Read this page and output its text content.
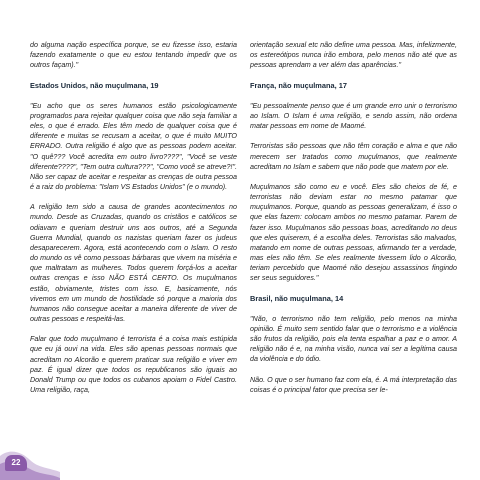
do alguma nação específica porque, se eu fizesse isso, estaria fazendo exatamente o que eu estou tentando impedir que os outros façam)."

Estados Unidos, não muçulmana, 19

"Eu acho que os seres humanos estão psicologicamente programados para rejeitar qualquer coisa que não seja familiar a eles, o que é errado. Eles têm medo de qualquer coisa que é diferente e muitas se recusam a aceitar, o que é muito MUITO ERRADO. Outra religião é algo que as pessoas podem aceitar. "O quê??? Você acredita em outro livro????", "Você se veste diferente????", "Tem outra cultura???", "Como você se atreve?!". Não ser capaz de aceitar e respeitar as crenças de outra pessoa é a raiz do problema: "Islam VS Estados Unidos" (e o mundo).

A religião tem sido a causa de grandes acontecimentos no mundo. Desde as Cruzadas, quando os cristãos e católicos se odiavam e queriam destruir uns aos outros, até a Segunda Guerra Mundial, quando os nazistas queriam fazer os judeus desaparecerem. Agora, está acontecendo com o Islam. O resto do mundo os vê como pessoas bárbaras que vivem na miséria e que maltratam as mulheres. Todos querem forçá-los a aceitar outras crenças e isso NÃO ESTÁ CERTO. Os muçulmanos estão, obviamente, tristes com isso. E, basicamente, nós vivemos em um mundo de hostilidade só porque a maioria dos humanos não consegue aceitar a maneira diferente de viver de outras pessoas e respeitá-las.

Falar que todo muçulmano é terrorista é a coisa mais estúpida que eu já ouvi na vida. Eles são apenas pessoas normais que acreditam no Alcorão e querem praticar sua religião e viver em paz. É igual dizer que todos os republicanos são iguais ao Donald Trump ou que todos os cubanos apoiam o Fidel Castro. Uma religião, raça,

orientação sexual etc não define uma pessoa. Mas, infelizmente, os estereótipos nunca irão embora, pelo menos não até que as pessoas aprendam a ver além das aparências."

França, não muçulmana, 17

"Eu pessoalmente penso que é um grande erro unir o terrorismo ao Islam. O Islam é uma religião, e sendo assim, não ordena matar pessoas em nome de Maomé.

Terroristas são pessoas que não têm coração e alma e que não merecem ser tratados como muçulmanos, que realmente acreditam no Islam e sabem que não pode que matem por ele.

Muçulmanos são como eu e você. Eles são cheios de fé, e terroristas não deviam estar no mesmo patamar que muçulmanos. Porque, quando as pessoas generalizam, é isso o que elas fazem: colocam ambos no mesmo patamar. Parem de fazer isso. Muçulmanos são pessoas boas, acreditando no deus que eles quiserem, é a escolha deles. Terroristas são malvados, matando em nome de outras pessoas, afirmando ter a verdade, mas eles não têm. Se eles realmente tivessem lido o Alcorão, teriam percebido que Maomé não desejou assassinos fingindo ser seus seguidores."

Brasil, não muçulmana, 14

"Não, o terrorismo não tem religião, pelo menos na minha opinião. É muito sem sentido falar que o terrorismo e a violência são frutos da religião, pois ela tenta espalhar a paz e o amor. A religião não é e, na minha visão, nunca vai ser a legítima causa da violência e do ódio.

Não. O que o ser humano faz com ela, é. A má interpretação das coisas é o principal fator que precisa ser le-

22
